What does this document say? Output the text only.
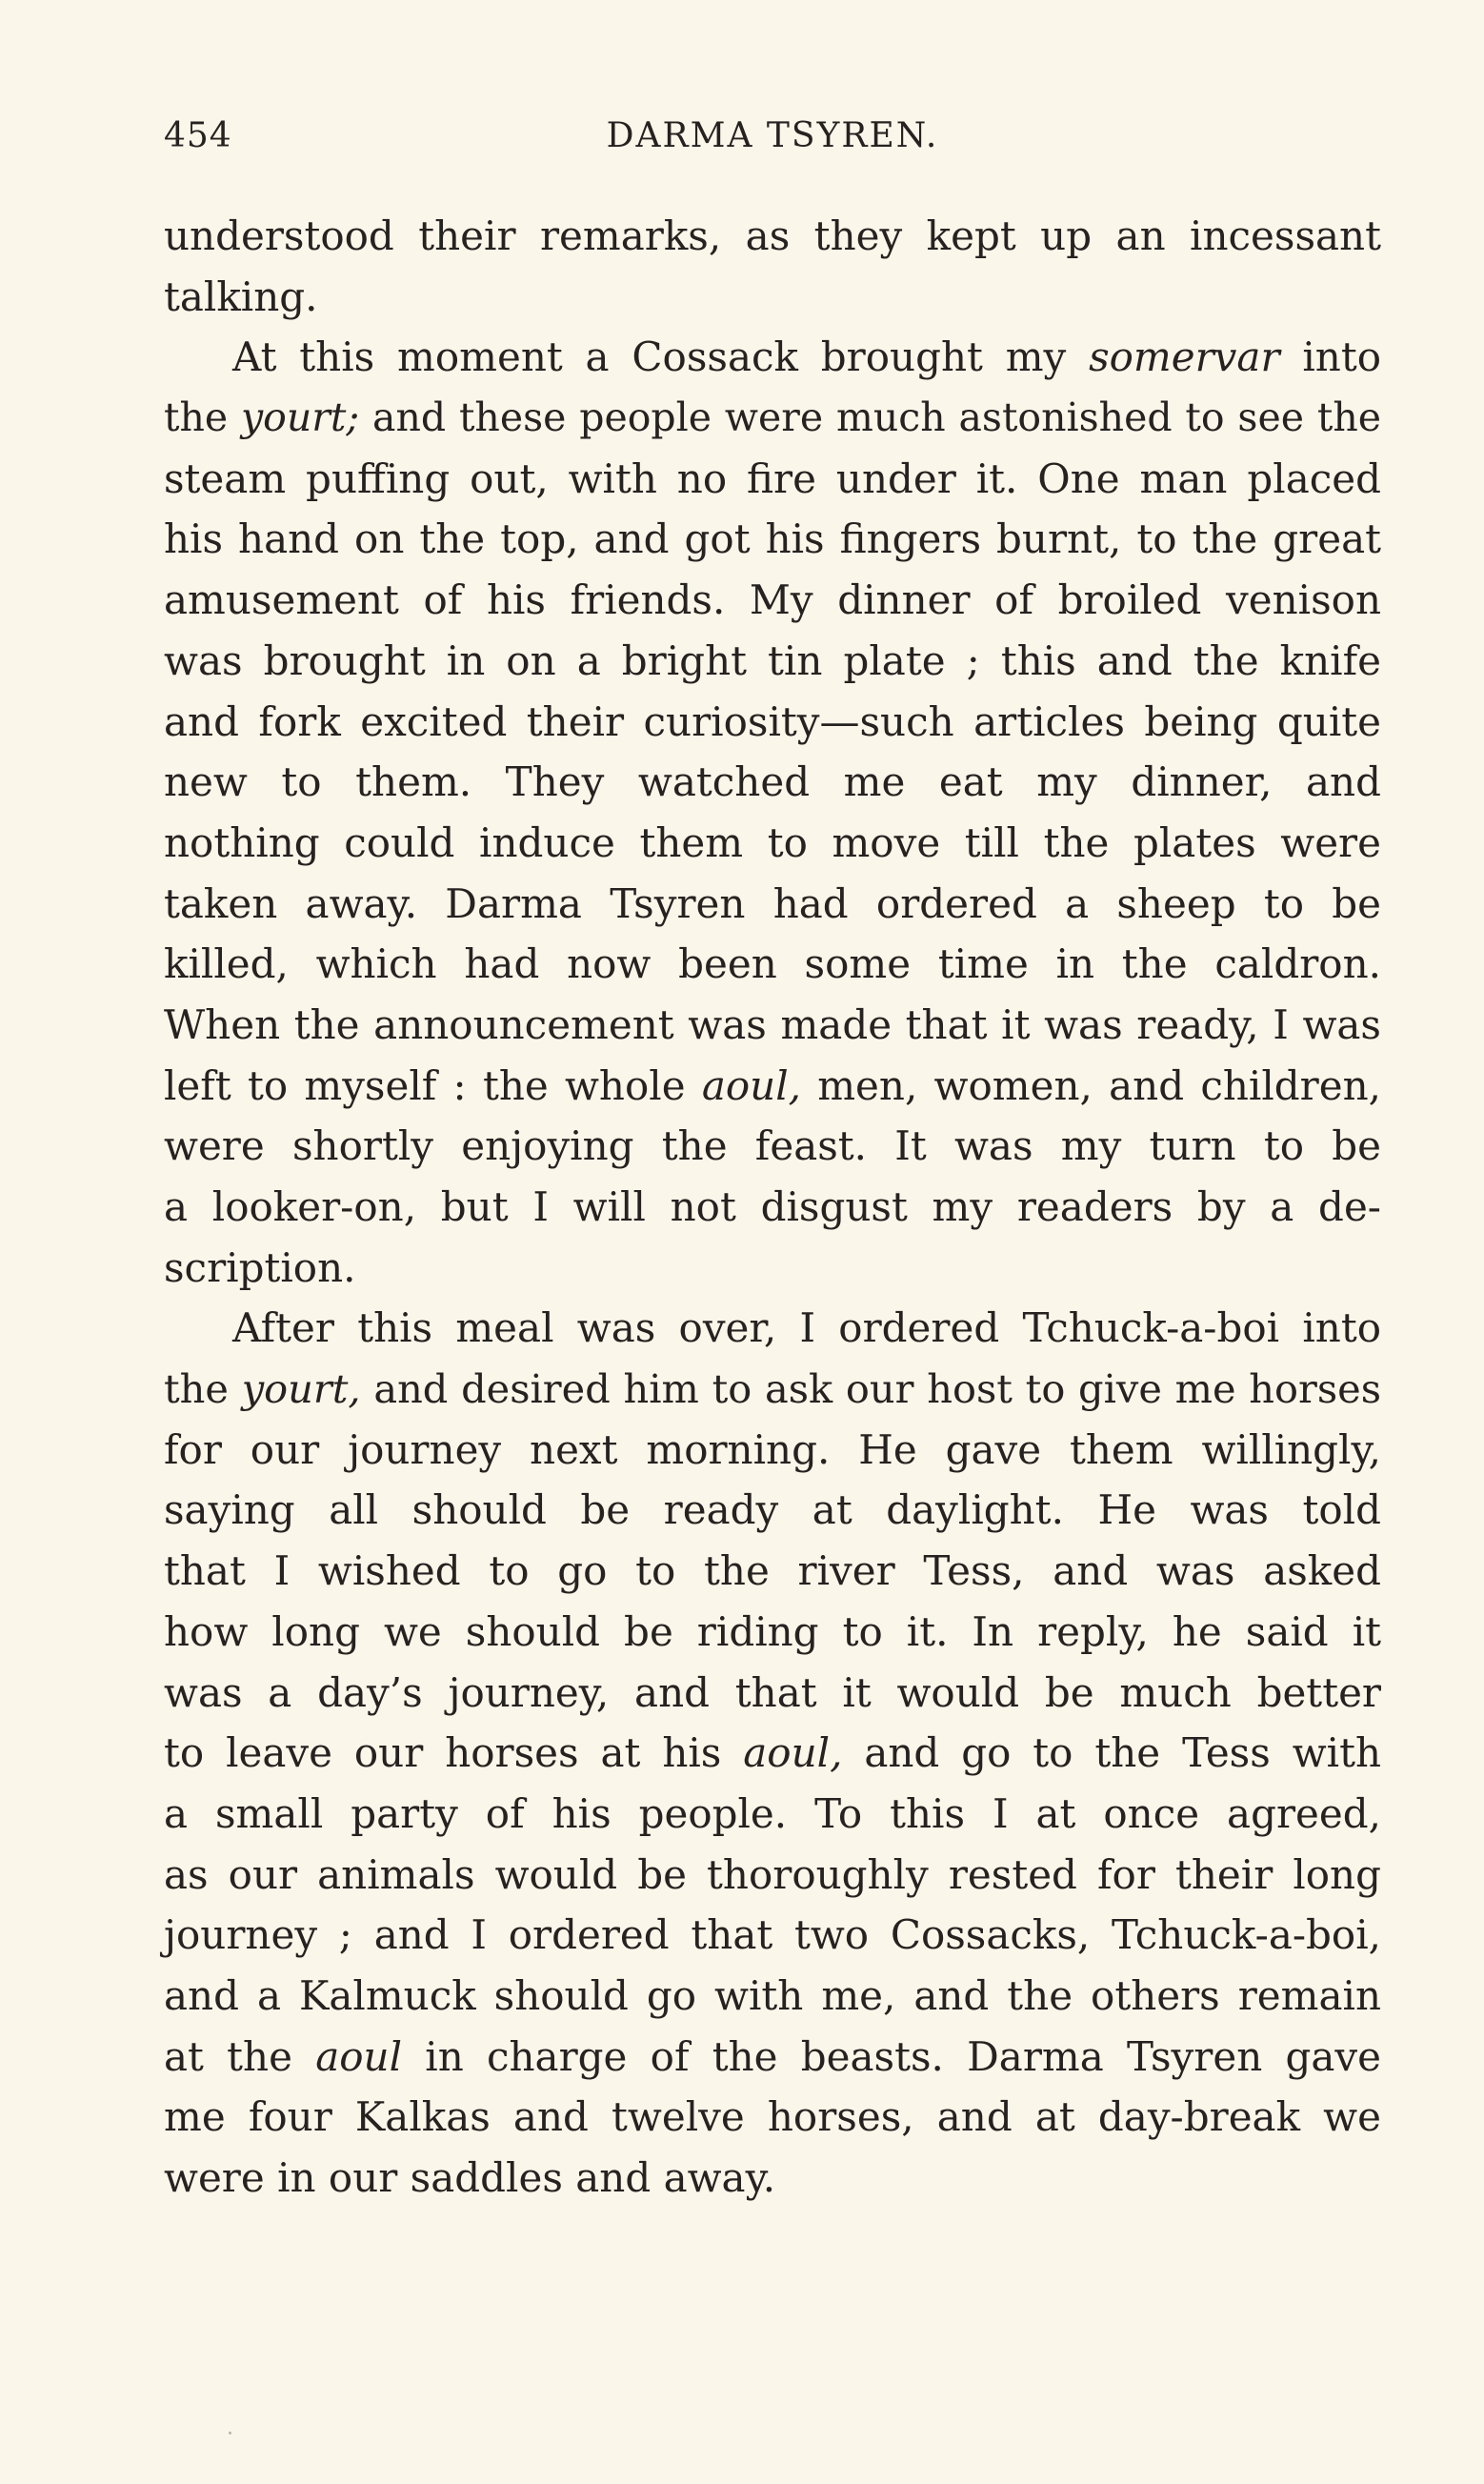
454	DARMA TSYREN.
understood their remarks, as they kept up an incessant
talking.
At this moment a Cossack brought my somervar into
the yourt; and these people were much astonished to see the
steam puffing out, with no fire under it. One man placed
his hand on the top, and got his fingers burnt, to the great
amusement of his friends. My dinner of broiled venison
was brought in on a bright tin plate ; this and the knife
and fork excited their curiosity—such articles being quite
new to them. They watched me eat my dinner, and
nothing could induce them to move till the plates were
taken away. Darma Tsyren had ordered a sheep to be
killed, which had now been some time in the caldron.
When the announcement was made that it was ready, I was
left to myself : the whole aoul, men, women, and children,
were shortly enjoying the feast. It was my turn to be
a looker-on, but I will not disgust my readers by a de-
scription.
After this meal was over, I ordered Tchuck-a-boi into
the yourt, and desired him to ask our host to give me horses
for our journey next morning. He gave them willingly,
saying all should be ready at daylight. He was told
that I wished to go to the river Tess, and was asked
how long we should be riding to it. In reply, he said it
was a day’s journey, and that it would be much better
to leave our horses at his aoul, and go to the Tess with
a small party of his people. To this I at once agreed,
as our animals would be thoroughly rested for their long
journey ; and I ordered that two Cossacks, Tchuck-a-boi,
and a Kalmuck should go with me, and the others remain
at the aoul in charge of the beasts. Darma Tsyren gave
me four Kalkas and twelve horses, and at day-break we
were in our saddles and away.
